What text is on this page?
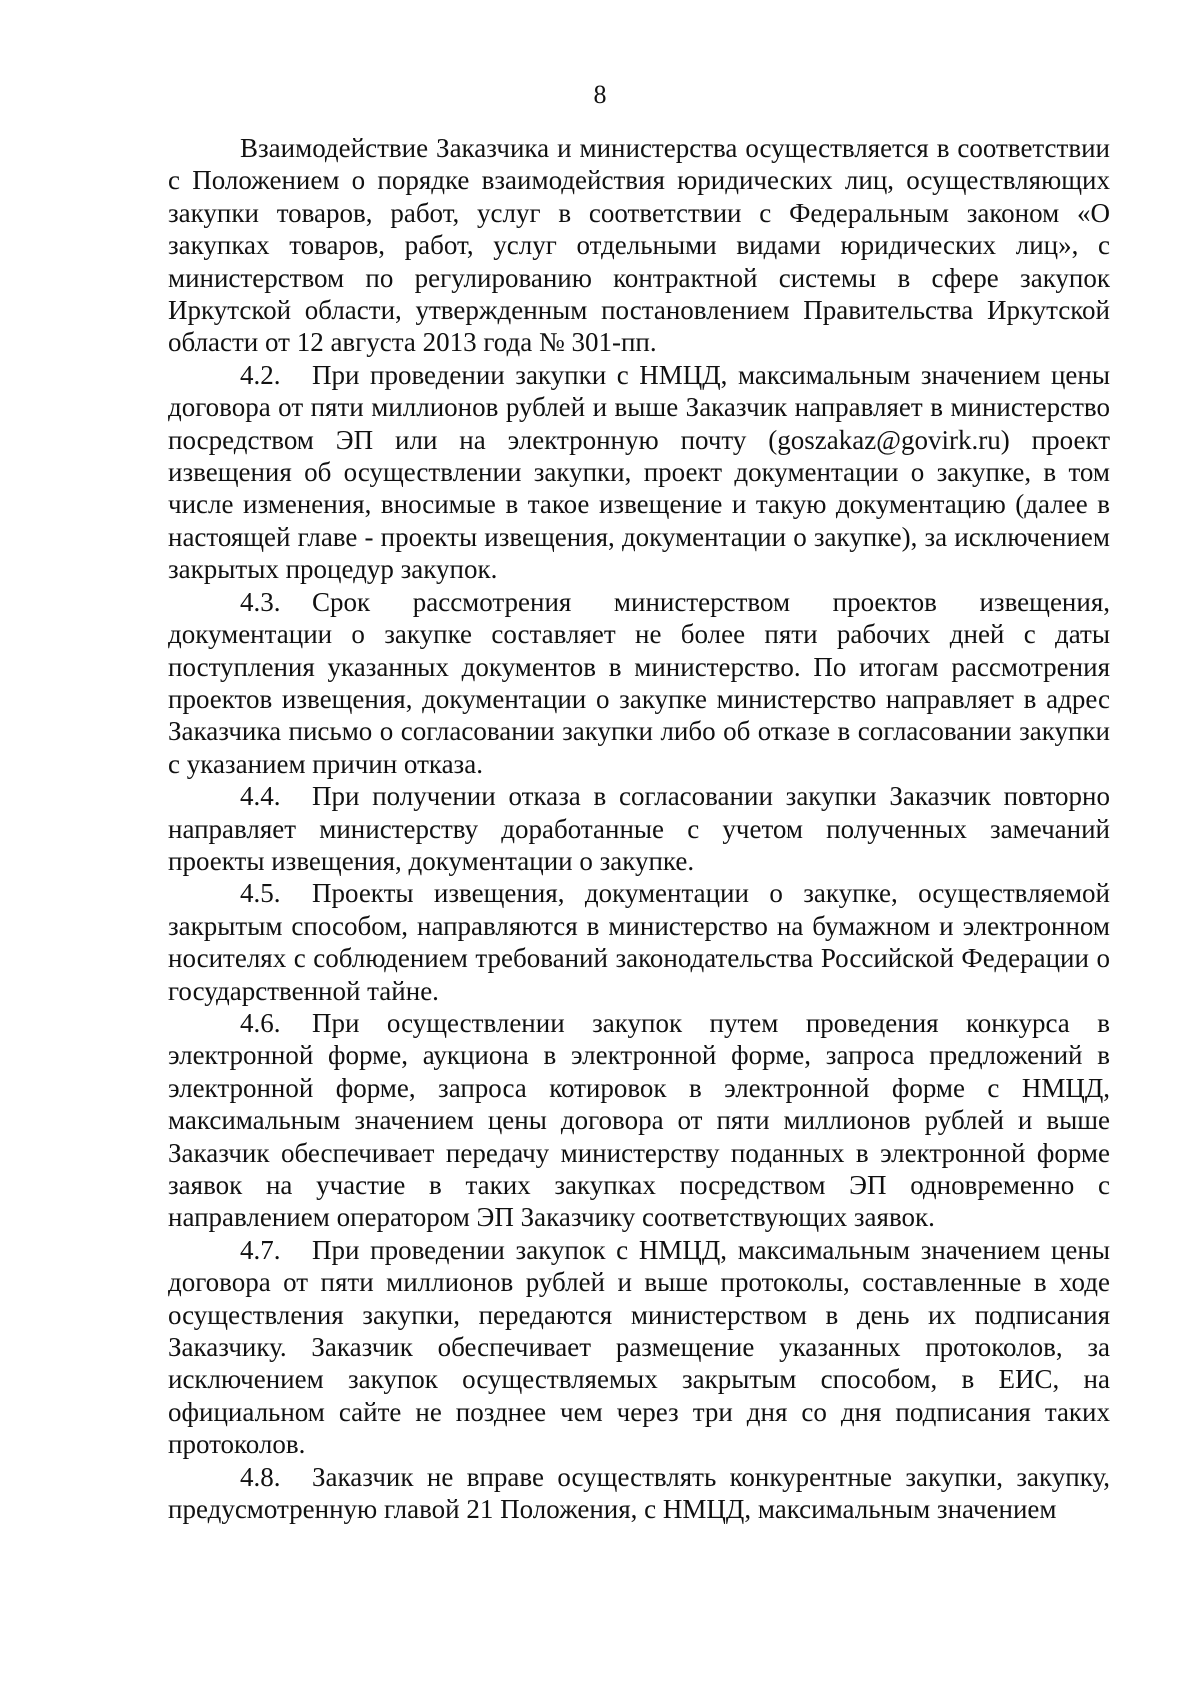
8

Взаимодействие Заказчика и министерства осуществляется в соответствии с Положением о порядке взаимодействия юридических лиц, осуществляющих закупки товаров, работ, услуг в соответствии с Федеральным законом «О закупках товаров, работ, услуг отдельными видами юридических лиц», с министерством по регулированию контрактной системы в сфере закупок Иркутской области, утвержденным постановлением Правительства Иркутской области от 12 августа 2013 года № 301-пп.

4.2. При проведении закупки с НМЦД, максимальным значением цены договора от пяти миллионов рублей и выше Заказчик направляет в министерство посредством ЭП или на электронную почту (goszakaz@govirk.ru) проект извещения об осуществлении закупки, проект документации о закупке, в том числе изменения, вносимые в такое извещение и такую документацию (далее в настоящей главе - проекты извещения, документации о закупке), за исключением закрытых процедур закупок.

4.3. Срок рассмотрения министерством проектов извещения, документации о закупке составляет не более пяти рабочих дней с даты поступления указанных документов в министерство. По итогам рассмотрения проектов извещения, документации о закупке министерство направляет в адрес Заказчика письмо о согласовании закупки либо об отказе в согласовании закупки с указанием причин отказа.

4.4. При получении отказа в согласовании закупки Заказчик повторно направляет министерству доработанные с учетом полученных замечаний проекты извещения, документации о закупке.

4.5. Проекты извещения, документации о закупке, осуществляемой закрытым способом, направляются в министерство на бумажном и электронном носителях с соблюдением требований законодательства Российской Федерации о государственной тайне.

4.6. При осуществлении закупок путем проведения конкурса в электронной форме, аукциона в электронной форме, запроса предложений в электронной форме, запроса котировок в электронной форме с НМЦД, максимальным значением цены договора от пяти миллионов рублей и выше Заказчик обеспечивает передачу министерству поданных в электронной форме заявок на участие в таких закупках посредством ЭП одновременно с направлением оператором ЭП Заказчику соответствующих заявок.

4.7. При проведении закупок с НМЦД, максимальным значением цены договора от пяти миллионов рублей и выше протоколы, составленные в ходе осуществления закупки, передаются министерством в день их подписания Заказчику. Заказчик обеспечивает размещение указанных протоколов, за исключением закупок осуществляемых закрытым способом, в ЕИС, на официальном сайте не позднее чем через три дня со дня подписания таких протоколов.

4.8. Заказчик не вправе осуществлять конкурентные закупки, закупку, предусмотренную главой 21 Положения, с НМЦД, максимальным значением
